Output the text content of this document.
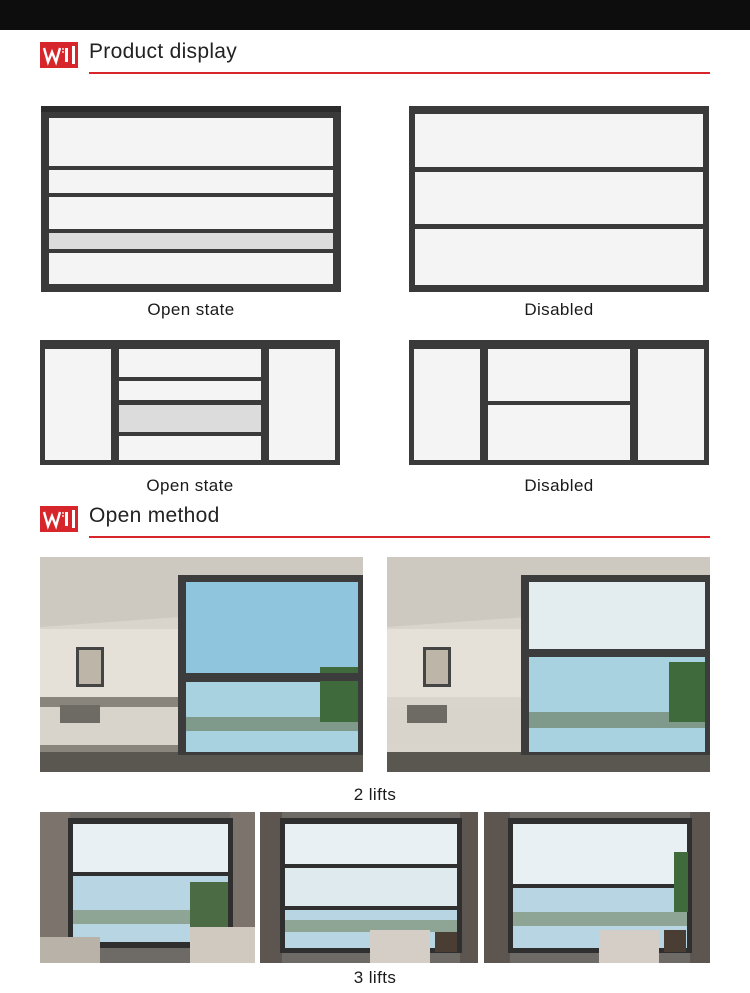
Product display
Open state	Disabled
Open state	Disabled
Open method
2 lifts
3 lifts
